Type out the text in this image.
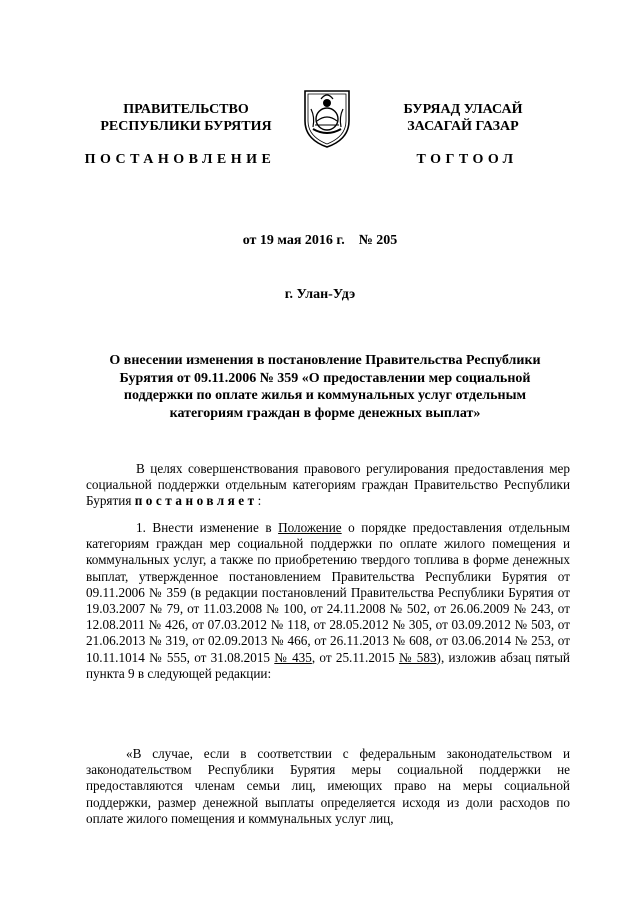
ПРАВИТЕЛЬСТВО
РЕСПУБЛИКИ БУРЯТИЯ
БУРЯАД УЛАСАЙ
ЗАСАГАЙ ГАЗАР
ПОСТАНОВЛЕНИЕ	ТОГТООЛ
от 19 мая 2016 г. № 205
г. Улан-Удэ
О внесении изменения в постановление Правительства Республики Бурятия от 09.11.2006 № 359 «О предоставлении мер социальной поддержки по оплате жилья и коммунальных услуг отдельным категориям граждан в форме денежных выплат»

В целях совершенствования правового регулирования предоставления мер социальной поддержки отдельным категориям граждан Правительство Республики Бурятия постановляет:

1. Внести изменение в Положение о порядке предоставления отдельным категориям граждан мер социальной поддержки по оплате жилого помещения и коммунальных услуг, а также по приобретению твердого топлива в форме денежных выплат, утвержденное постановлением Правительства Республики Бурятия от 09.11.2006 № 359 (в редакции постановлений Правительства Республики Бурятия от 19.03.2007 № 79, от 11.03.2008 № 100, от 24.11.2008 № 502, от 26.06.2009 № 243, от 12.08.2011 № 426, от 07.03.2012 № 118, от 28.05.2012 № 305, от 03.09.2012 № 503, от 21.06.2013 № 319, от 02.09.2013 № 466, от 26.11.2013 № 608, от 03.06.2014 № 253, от 10.11.1014 № 555, от 31.08.2015 № 435, от 25.11.2015 № 583), изложив абзац пятый пункта 9 в следующей редакции:

«В случае, если в соответствии с федеральным законодательством и законодательством Республики Бурятия меры социальной поддержки не предоставляются членам семьи лиц, имеющих право на меры социальной поддержки, размер денежной выплаты определяется исходя из доли расходов по оплате жилого помещения и коммунальных услуг лиц,
